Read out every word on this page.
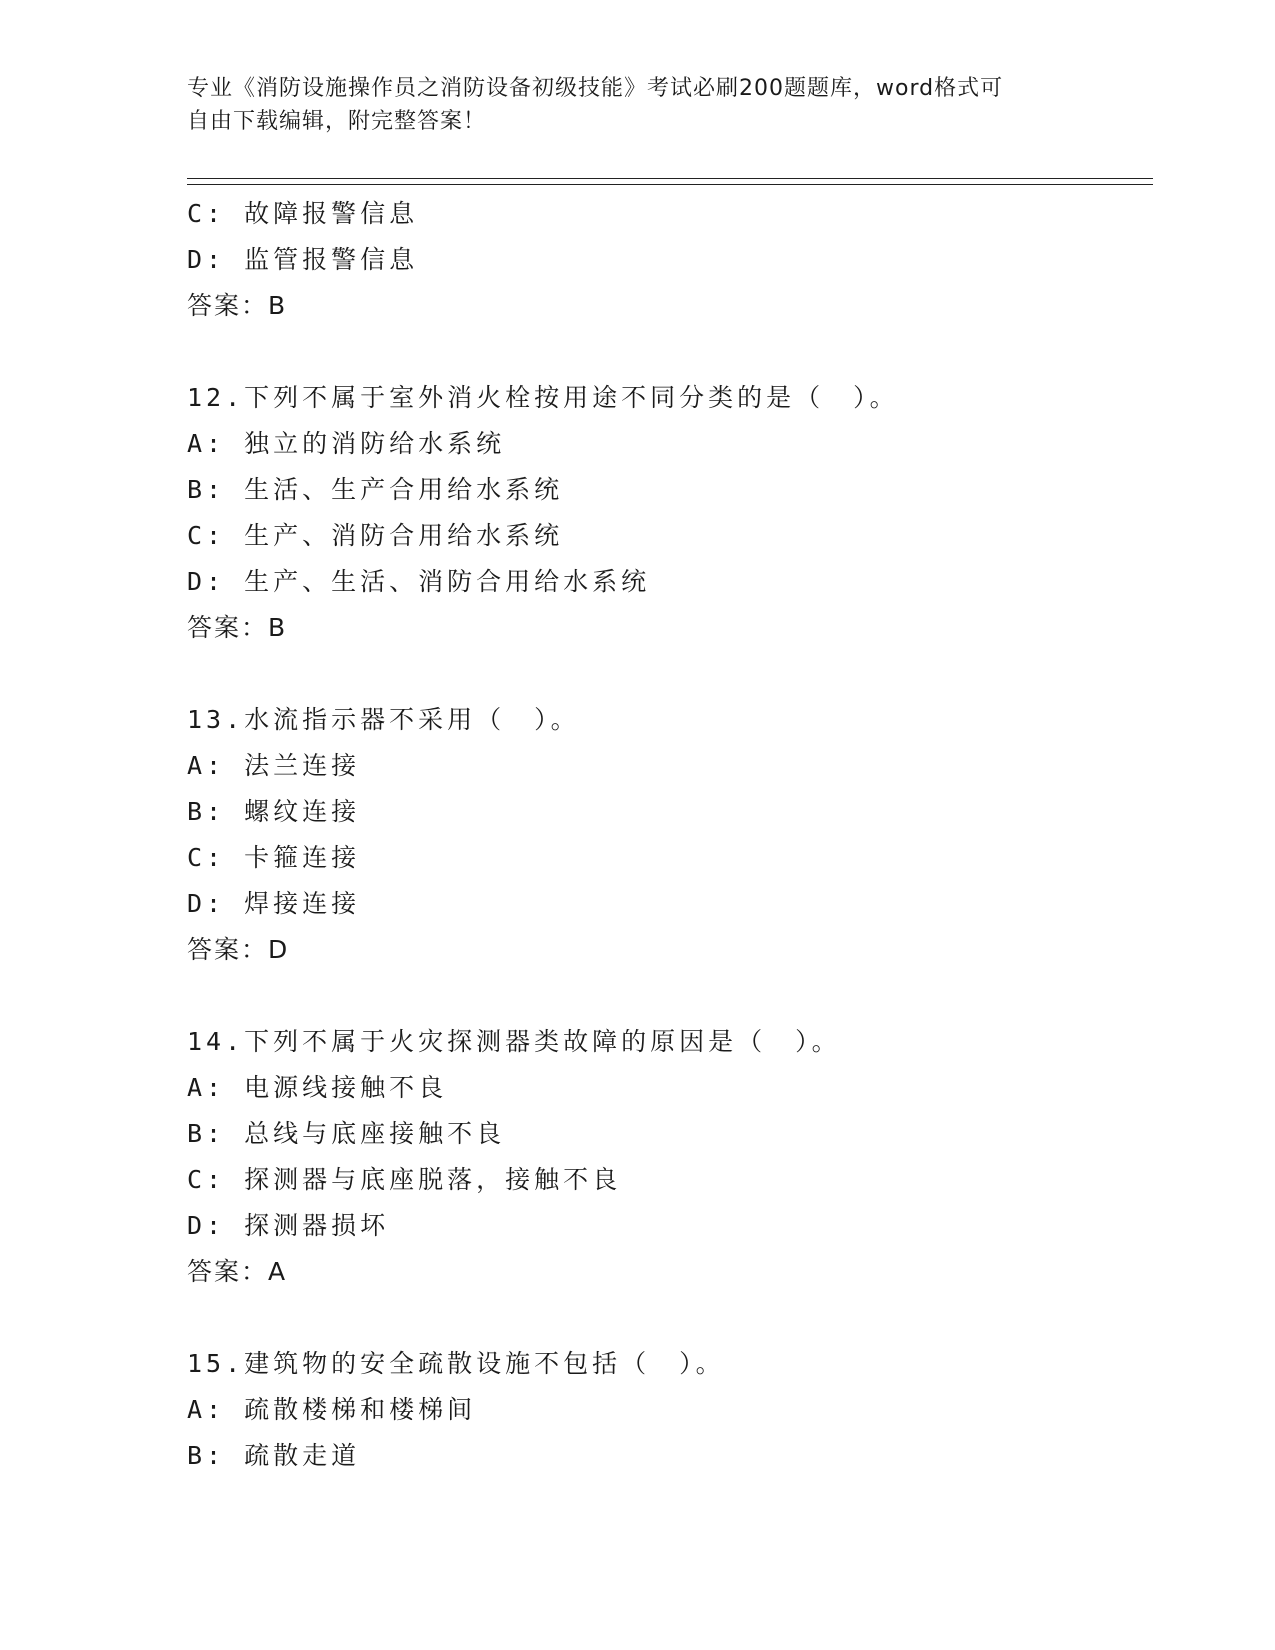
专业《消防设施操作员之消防设备初级技能》考试必刷200题题库，word格式可
自由下载编辑，附完整答案！
C: 故障报警信息
D: 监管报警信息
答案：B
12.下列不属于室外消火栓按用途不同分类的是（　）。
A: 独立的消防给水系统
B: 生活、生产合用给水系统
C: 生产、消防合用给水系统
D: 生产、生活、消防合用给水系统
答案：B
13.水流指示器不采用（　）。
A: 法兰连接
B: 螺纹连接
C: 卡箍连接
D: 焊接连接
答案：D
14.下列不属于火灾探测器类故障的原因是（　）。
A: 电源线接触不良
B: 总线与底座接触不良
C: 探测器与底座脱落，接触不良
D: 探测器损坏
答案：A
15.建筑物的安全疏散设施不包括（　）。
A: 疏散楼梯和楼梯间
B: 疏散走道
